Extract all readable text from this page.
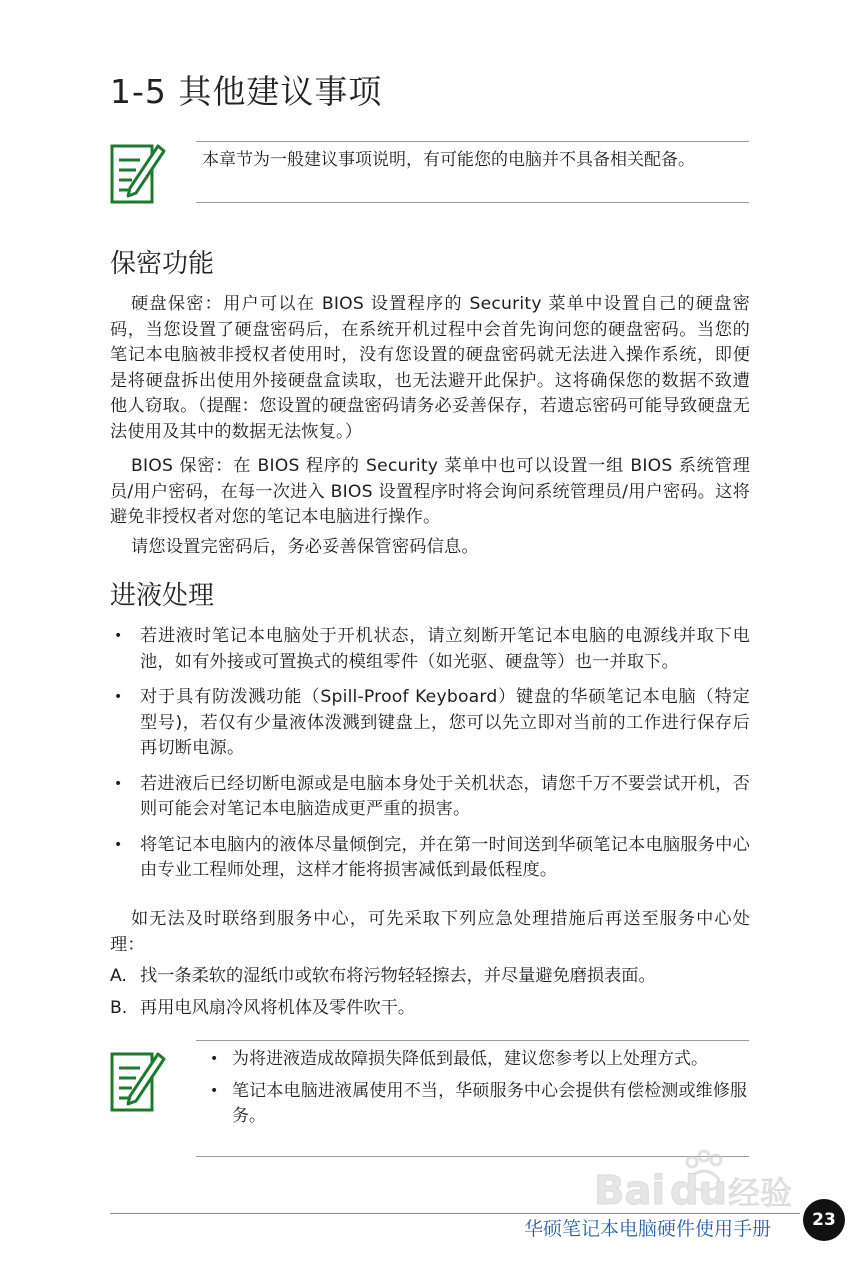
1-5 其他建议事项
本章节为一般建议事项说明，有可能您的电脑并不具备相关配备。
保密功能
硬盘保密：用户可以在 BIOS 设置程序的 Security 菜单中设置自己的硬盘密码，当您设置了硬盘密码后，在系统开机过程中会首先询问您的硬盘密码。当您的笔记本电脑被非授权者使用时，没有您设置的硬盘密码就无法进入操作系统，即便是将硬盘拆出使用外接硬盘盒读取，也无法避开此保护。这将确保您的数据不致遭他人窃取。（提醒：您设置的硬盘密码请务必妥善保存，若遗忘密码可能导致硬盘无法使用及其中的数据无法恢复。）
BIOS 保密：在 BIOS 程序的 Security 菜单中也可以设置一组 BIOS 系统管理员/用户密码，在每一次进入 BIOS 设置程序时将会询问系统管理员/用户密码。这将避免非授权者对您的笔记本电脑进行操作。
请您设置完密码后，务必妥善保管密码信息。
进液处理
• 若进液时笔记本电脑处于开机状态，请立刻断开笔记本电脑的电源线并取下电池，如有外接或可置换式的模组零件（如光驱、硬盘等）也一并取下。
• 对于具有防泼溅功能（Spill-Proof Keyboard）键盘的华硕笔记本电脑（特定型号)，若仅有少量液体泼溅到键盘上，您可以先立即对当前的工作进行保存后再切断电源。
• 若进液后已经切断电源或是电脑本身处于关机状态，请您千万不要尝试开机，否则可能会对笔记本电脑造成更严重的损害。
• 将笔记本电脑内的液体尽量倾倒完，并在第一时间送到华硕笔记本电脑服务中心由专业工程师处理，这样才能将损害减低到最低程度。
如无法及时联络到服务中心，可先采取下列应急处理措施后再送至服务中心处理：
A. 找一条柔软的湿纸巾或软布将污物轻轻擦去，并尽量避免磨损表面。
B. 再用电风扇冷风将机体及零件吹干。
• 为将进液造成故障损失降低到最低，建议您参考以上处理方式。
• 笔记本电脑进液属使用不当，华硕服务中心会提供有偿检测或维修服务。
Bai du 经验
华硕笔记本电脑硬件使用手册	23
